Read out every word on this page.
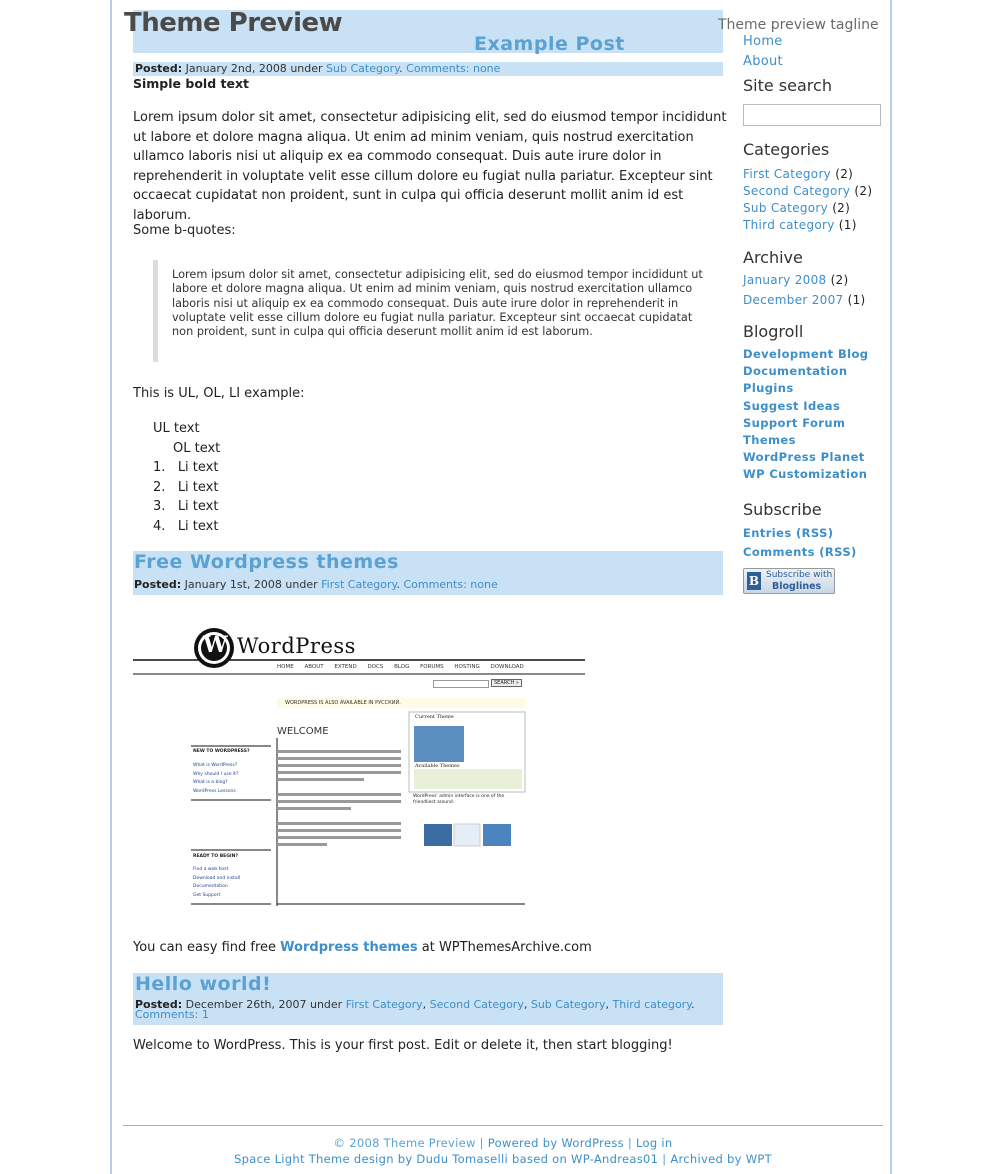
Theme Preview	Theme preview tagline
Example Post
Posted: January 2nd, 2008 under Sub Category. Comments: none
Simple bold text
Lorem ipsum dolor sit amet, consectetur adipisicing elit, sed do eiusmod tempor incididunt ut labore et dolore magna aliqua. Ut enim ad minim veniam, quis nostrud exercitation ullamco laboris nisi ut aliquip ex ea commodo consequat. Duis aute irure dolor in reprehenderit in voluptate velit esse cillum dolore eu fugiat nulla pariatur. Excepteur sint occaecat cupidatat non proident, sunt in culpa qui officia deserunt mollit anim id est laborum.
Some b-quotes:
Lorem ipsum dolor sit amet, consectetur adipisicing elit, sed do eiusmod tempor incididunt ut labore et dolore magna aliqua. Ut enim ad minim veniam, quis nostrud exercitation ullamco laboris nisi ut aliquip ex ea commodo consequat. Duis aute irure dolor in reprehenderit in voluptate velit esse cillum dolore eu fugiat nulla pariatur. Excepteur sint occaecat cupidatat non proident, sunt in culpa qui officia deserunt mollit anim id est laborum.
This is UL, OL, LI example:
UL text
OL text
1.   Li text
2.   Li text
3.   Li text
4.   Li text
Free Wordpress themes
Posted: January 1st, 2008 under First Category. Comments: none
W WordPress
HOME ABOUT EXTEND DOCS BLOG FORUMS HOSTING DOWNLOAD
SEARCH »
WORDPRESS IS ALSO AVAILABLE IN РУССКИЙ.
WELCOME
NEW TO WORDPRESS?
What is WordPress?
Why should I use it?
What is a blog?
WordPress Lessons
READY TO BEGIN?
Find a web host
Download and install
Documentation
Get Support
Current Theme
Available Themes
WordPress' admin interface is one of the friendliest around.
You can easy find free Wordpress themes at WPThemesArchive.com
Hello world!
Posted: December 26th, 2007 under First Category, Second Category, Sub Category, Third category. Comments: 1
Welcome to WordPress. This is your first post. Edit or delete it, then start blogging!
Home
About
Site search
Categories
First Category (2)
Second Category (2)
Sub Category (2)
Third category (1)
Archive
January 2008 (2)
December 2007 (1)
Blogroll
Development Blog
Documentation
Plugins
Suggest Ideas
Support Forum
Themes
WordPress Planet
WP Customization
Subscribe
Entries (RSS)
Comments (RSS)
B Subscribe with
Bloglines
© 2008 Theme Preview | Powered by WordPress | Log in
Space Light Theme design by Dudu Tomaselli based on WP-Andreas01 | Archived by WPT
